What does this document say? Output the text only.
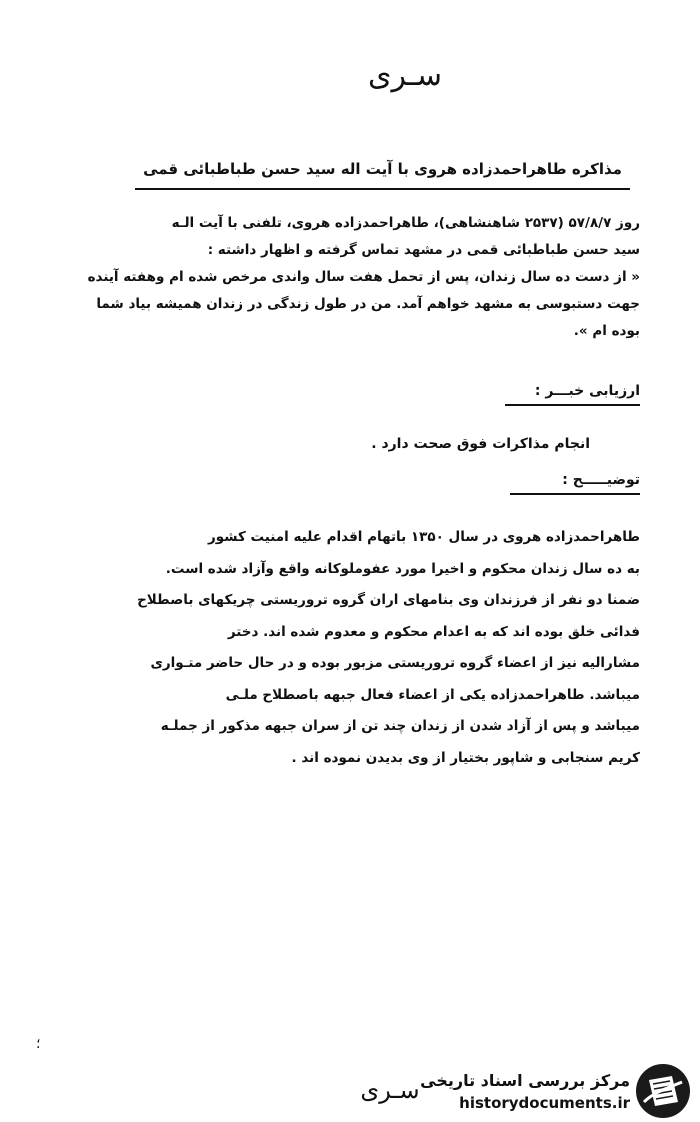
سـری
مذاکره طاهراحمدزاده هروی با آیت اله سید حسن طباطبائی قمی
روز ۵۷/۸/۷ (۲۵۳۷ شاهنشاهی)، طاهراحمدزاده هروی، تلفنی با آیت الـه
سید حسن طباطبائی قمی در مشهد تماس گرفته و اظهار داشته :
« از دست ده سال زندان، پس از تحمل هفت سال واندی مرخص شده ام وهفته آینده
جهت دستبوسی به مشهد خواهم آمد. من در طول زندگی در زندان همیشه بیاد شما
بوده ام ».
ارزیابی خبـــر :
انجام مذاکرات فوق صحت دارد .
توضیـــــح :
طاهراحمدزاده هروی در سال ۱۳۵۰ باتهام اقدام علیه امنیت کشور
به ده سال زندان محکوم و اخیرا مورد عفوملوکانه واقع وآزاد شده است.
ضمنا دو نفر از فرزندان وی بنامهای اران گروه تروریستی چریکهای باصطلاح
فدائی خلق بوده اند که به اعدام محکوم و معدوم شده اند. دختر
مشارالیه نیز از اعضاء گروه تروریستی مزبور بوده و در حال حاضر متـواری
میباشد. طاهراحمدزاده یکی از اعضاء فعال جبهه باصطلاح ملـی
میباشد و پس از آزاد شدن از زندان چند تن از سران جبهه مذکور از جملـه
کریم سنجابی و شاپور بختیار از وی بدیدن نموده اند .
؛
سـری مرکز بررسی اسناد تاریخی
historydocuments.ir
